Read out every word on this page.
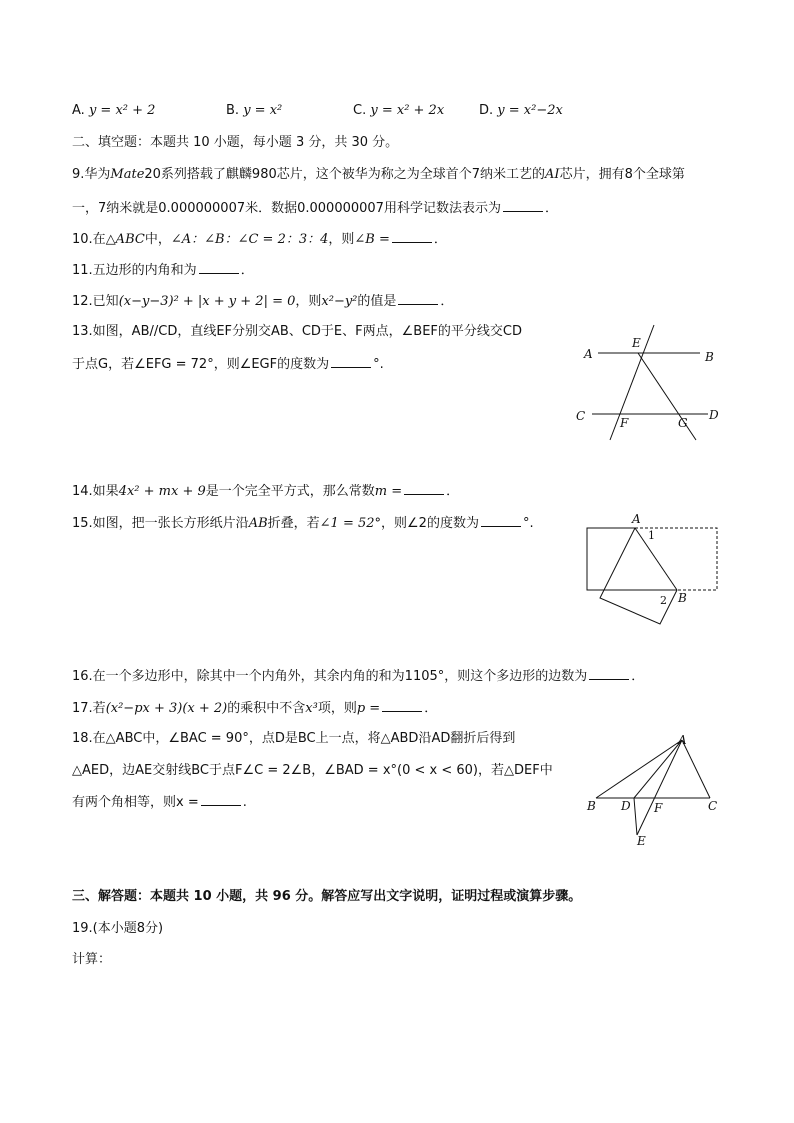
A. y = x² + 2	B. y = x²	C. y = x² + 2x	D. y = x²−2x
二、填空题：本题共 10 小题，每小题 3 分，共 30 分。
9.华为Mate20系列搭载了麒麟980芯片，这个被华为称之为全球首个7纳米工艺的AI芯片，拥有8个全球第
一，7纳米就是0.000000007米．数据0.000000007用科学记数法表示为	．
10.在△ABC中，∠A：∠B：∠C = 2：3：4，则∠B =	．
11.五边形的内角和为	．
12.已知(x−y−3)² + |x + y + 2| = 0，则x²−y²的值是	．
13.如图，AB//CD，直线EF分别交AB、CD于E、F两点，∠BEF的平分线交CD
于点G，若∠EFG = 72°，则∠EGF的度数为	°.
A
E
B
C	F	G
D
14.如果4x² + mx + 9是一个完全平方式，那么常数m =	．
15.如图，把一张长方形纸片沿AB折叠，若∠1 = 52°，则∠2的度数为	°.	A
1
2 B
16.在一个多边形中，除其中一个内角外，其余内角的和为1105°，则这个多边形的边数为	．
17.若(x²−px + 3)(x + 2)的乘积中不含x³项，则p =	．
18.在△ABC中，∠BAC = 90°，点D是BC上一点，将△ABD沿AD翻折后得到
△AED，边AE交射线BC于点F∠C = 2∠B，∠BAD = x°(0 < x < 60)，若△DEF中
有两个角相等，则x =	.
A
B D F	C
E
三、解答题：本题共 10 小题，共 96 分。解答应写出文字说明，证明过程或演算步骤。
19.(本小题8分)
计算：
